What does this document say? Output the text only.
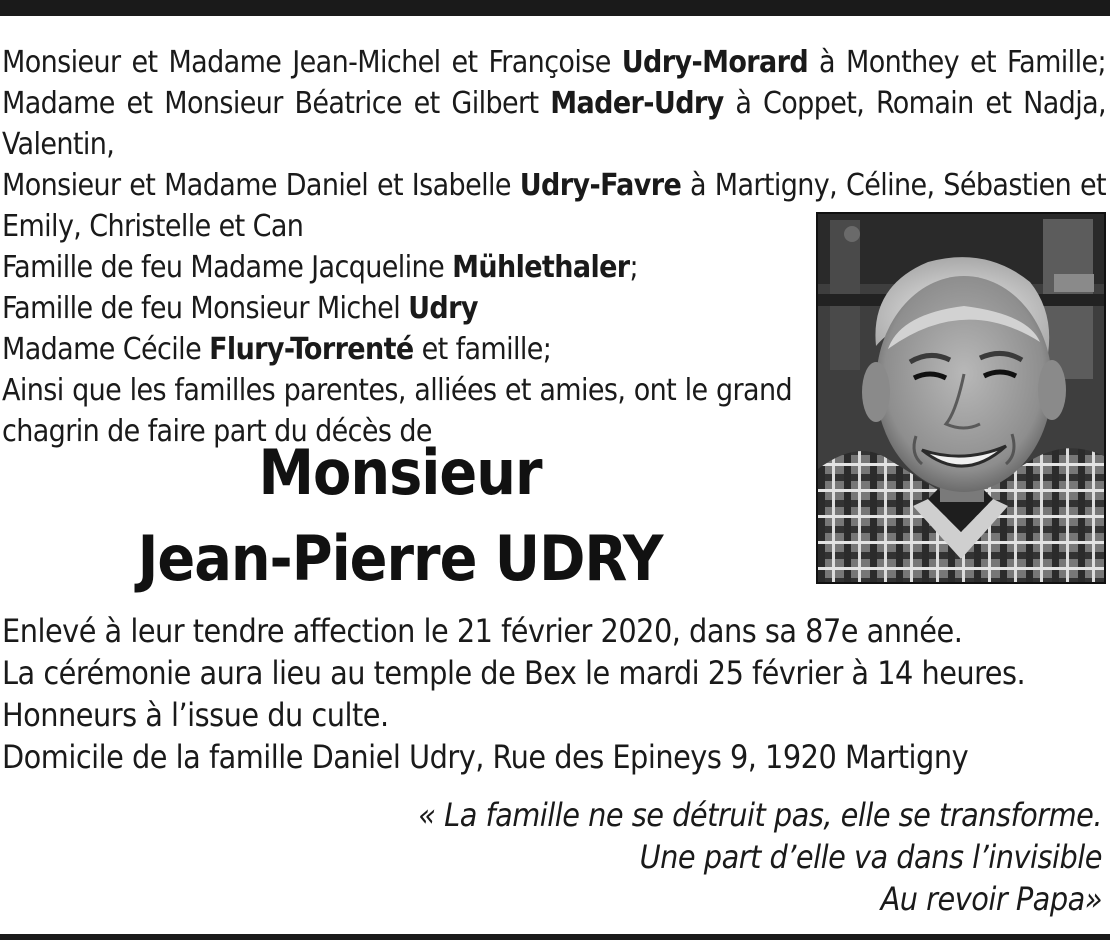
Monsieur et Madame Jean-Michel et Françoise Udry-Morard à Monthey et Famille;
Madame et Monsieur Béatrice et Gilbert Mader-Udry à Coppet, Romain et Nadja, Valentin,
Monsieur et Madame Daniel et Isabelle Udry-Favre à Martigny, Céline, Sébastien et
Emily, Christelle et Can
Famille de feu Madame Jacqueline Mühlethaler;
Famille de feu Monsieur Michel Udry
Madame Cécile Flury-Torrenté et famille;
Ainsi que les familles parentes, alliées et amies, ont le grand
chagrin de faire part du décès de
Monsieur
Jean-Pierre UDRY
Enlevé à leur tendre affection le 21 février 2020, dans sa 87e année.
La cérémonie aura lieu au temple de Bex le mardi 25 février à 14 heures.
Honneurs à l’issue du culte.
Domicile de la famille Daniel Udry, Rue des Epineys 9, 1920 Martigny
« La famille ne se détruit pas, elle se transforme.
Une part d’elle va dans l’invisible
Au revoir Papa»
